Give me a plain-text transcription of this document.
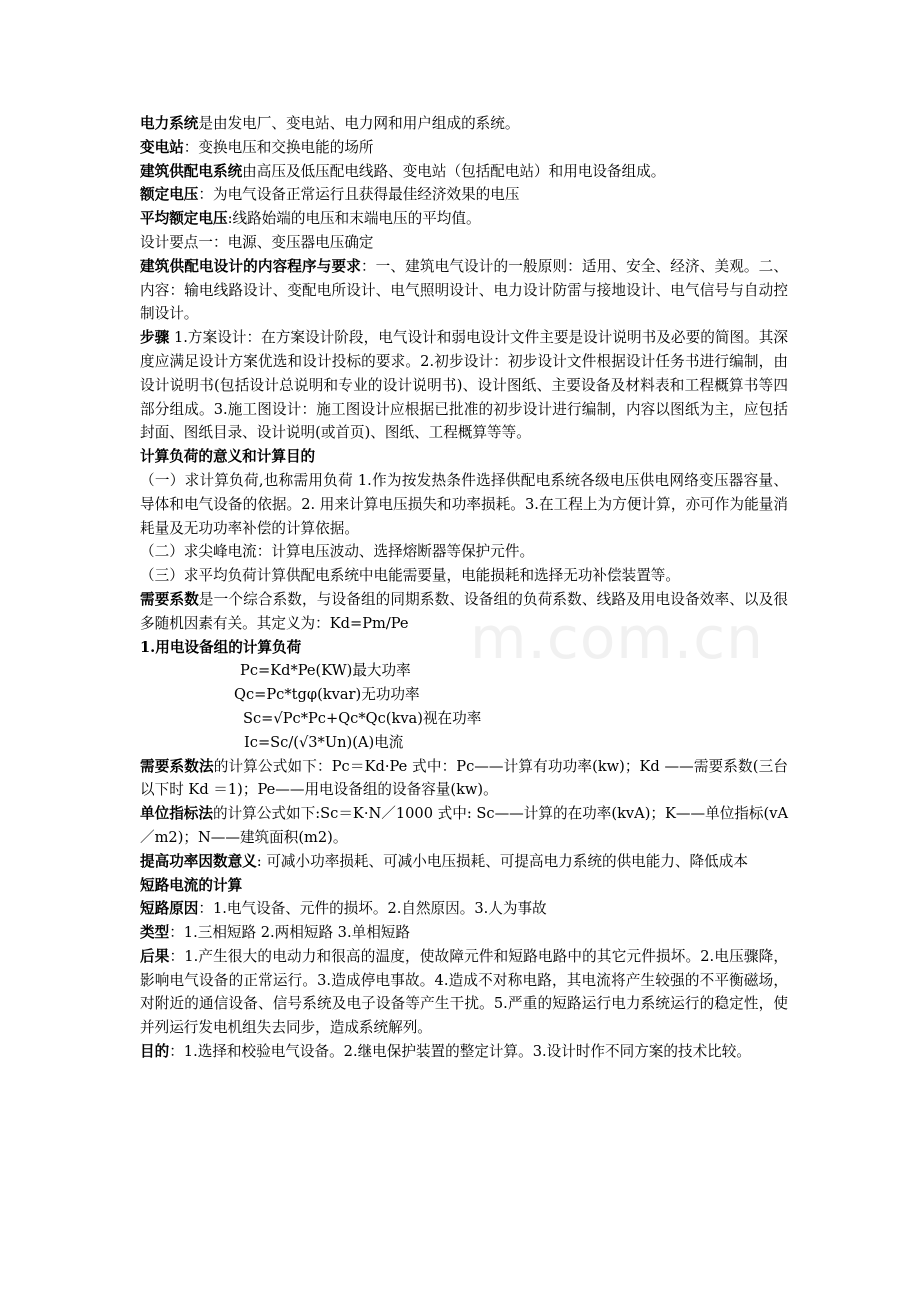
m.com.cn

电力系统是由发电厂、变电站、电力网和用户组成的系统。

变电站：变换电压和交换电能的场所

建筑供配电系统由高压及低压配电线路、变电站（包括配电站）和用电设备组成。

额定电压：为电气设备正常运行且获得最佳经济效果的电压

平均额定电压:线路始端的电压和末端电压的平均值。

设计要点一：电源、变压器电压确定

建筑供配电设计的内容程序与要求：一、建筑电气设计的一般原则：适用、安全、经济、美观。二、 内容：输电线路设计、变配电所设计、电气照明设计、电力设计防雷与接地设计、电气信号与自动控制设计。

步骤 1.方案设计：在方案设计阶段，电气设计和弱电设计文件主要是设计说明书及必要的简图。其深度应满足设计方案优选和设计投标的要求。2.初步设计：初步设计文件根据设计任务书进行编制，由设计说明书(包括设计总说明和专业的设计说明书)、设计图纸、主要设备及材料表和工程概算书等四部分组成。3.施工图设计：施工图设计应根据已批准的初步设计进行编制，内容以图纸为主，应包括封面、图纸目录、设计说明(或首页)、图纸、工程概算等等。

计算负荷的意义和计算目的

（一）求计算负荷,也称需用负荷 1.作为按发热条件选择供配电系统各级电压供电网络变压器容量、导体和电气设备的依据。2. 用来计算电压损失和功率损耗。3.在工程上为方便计算，亦可作为能量消耗量及无功功率补偿的计算依据。

（二）求尖峰电流：计算电压波动、选择熔断器等保护元件。

（三）求平均负荷计算供配电系统中电能需要量，电能损耗和选择无功补偿装置等。

需要系数是一个综合系数，与设备组的同期系数、设备组的负荷系数、线路及用电设备效率、以及很多随机因素有关。其定义为：Kd=Pm/Pe

1.用电设备组的计算负荷

Pc=Kd*Pe(KW)最大功率

Qc=Pc*tgφ(kvar)无功功率

Sc=√Pc*Pc+Qc*Qc(kva)视在功率

Ic=Sc/(√3*Un)(A)电流

需要系数法的计算公式如下：Pc＝Kd·Pe 式中：Pc——计算有功功率(kw)；Kd ——需要系数(三台以下时 Kd ＝1)；Pe——用电设备组的设备容量(kw)。

单位指标法的计算公式如下:Sc＝K·N／1000 式中: Sc——计算的在功率(kvA)；K——单位指标(vA／m2)；N——建筑面积(m2)。

提高功率因数意义: 可减小功率损耗、可减小电压损耗、可提高电力系统的供电能力、降低成本

短路电流的计算

短路原因：1.电气设备、元件的损坏。2.自然原因。3.人为事故

类型：1.三相短路 2.两相短路 3.单相短路

后果：1.产生很大的电动力和很高的温度，使故障元件和短路电路中的其它元件损坏。2.电压骤降，影响电气设备的正常运行。3.造成停电事故。4.造成不对称电路，其电流将产生较强的不平衡磁场，对附近的通信设备、信号系统及电子设备等产生干扰。5.严重的短路运行电力系统运行的稳定性，使并列运行发电机组失去同步，造成系统解列。

目的：1.选择和校验电气设备。2.继电保护装置的整定计算。3.设计时作不同方案的技术比较。
